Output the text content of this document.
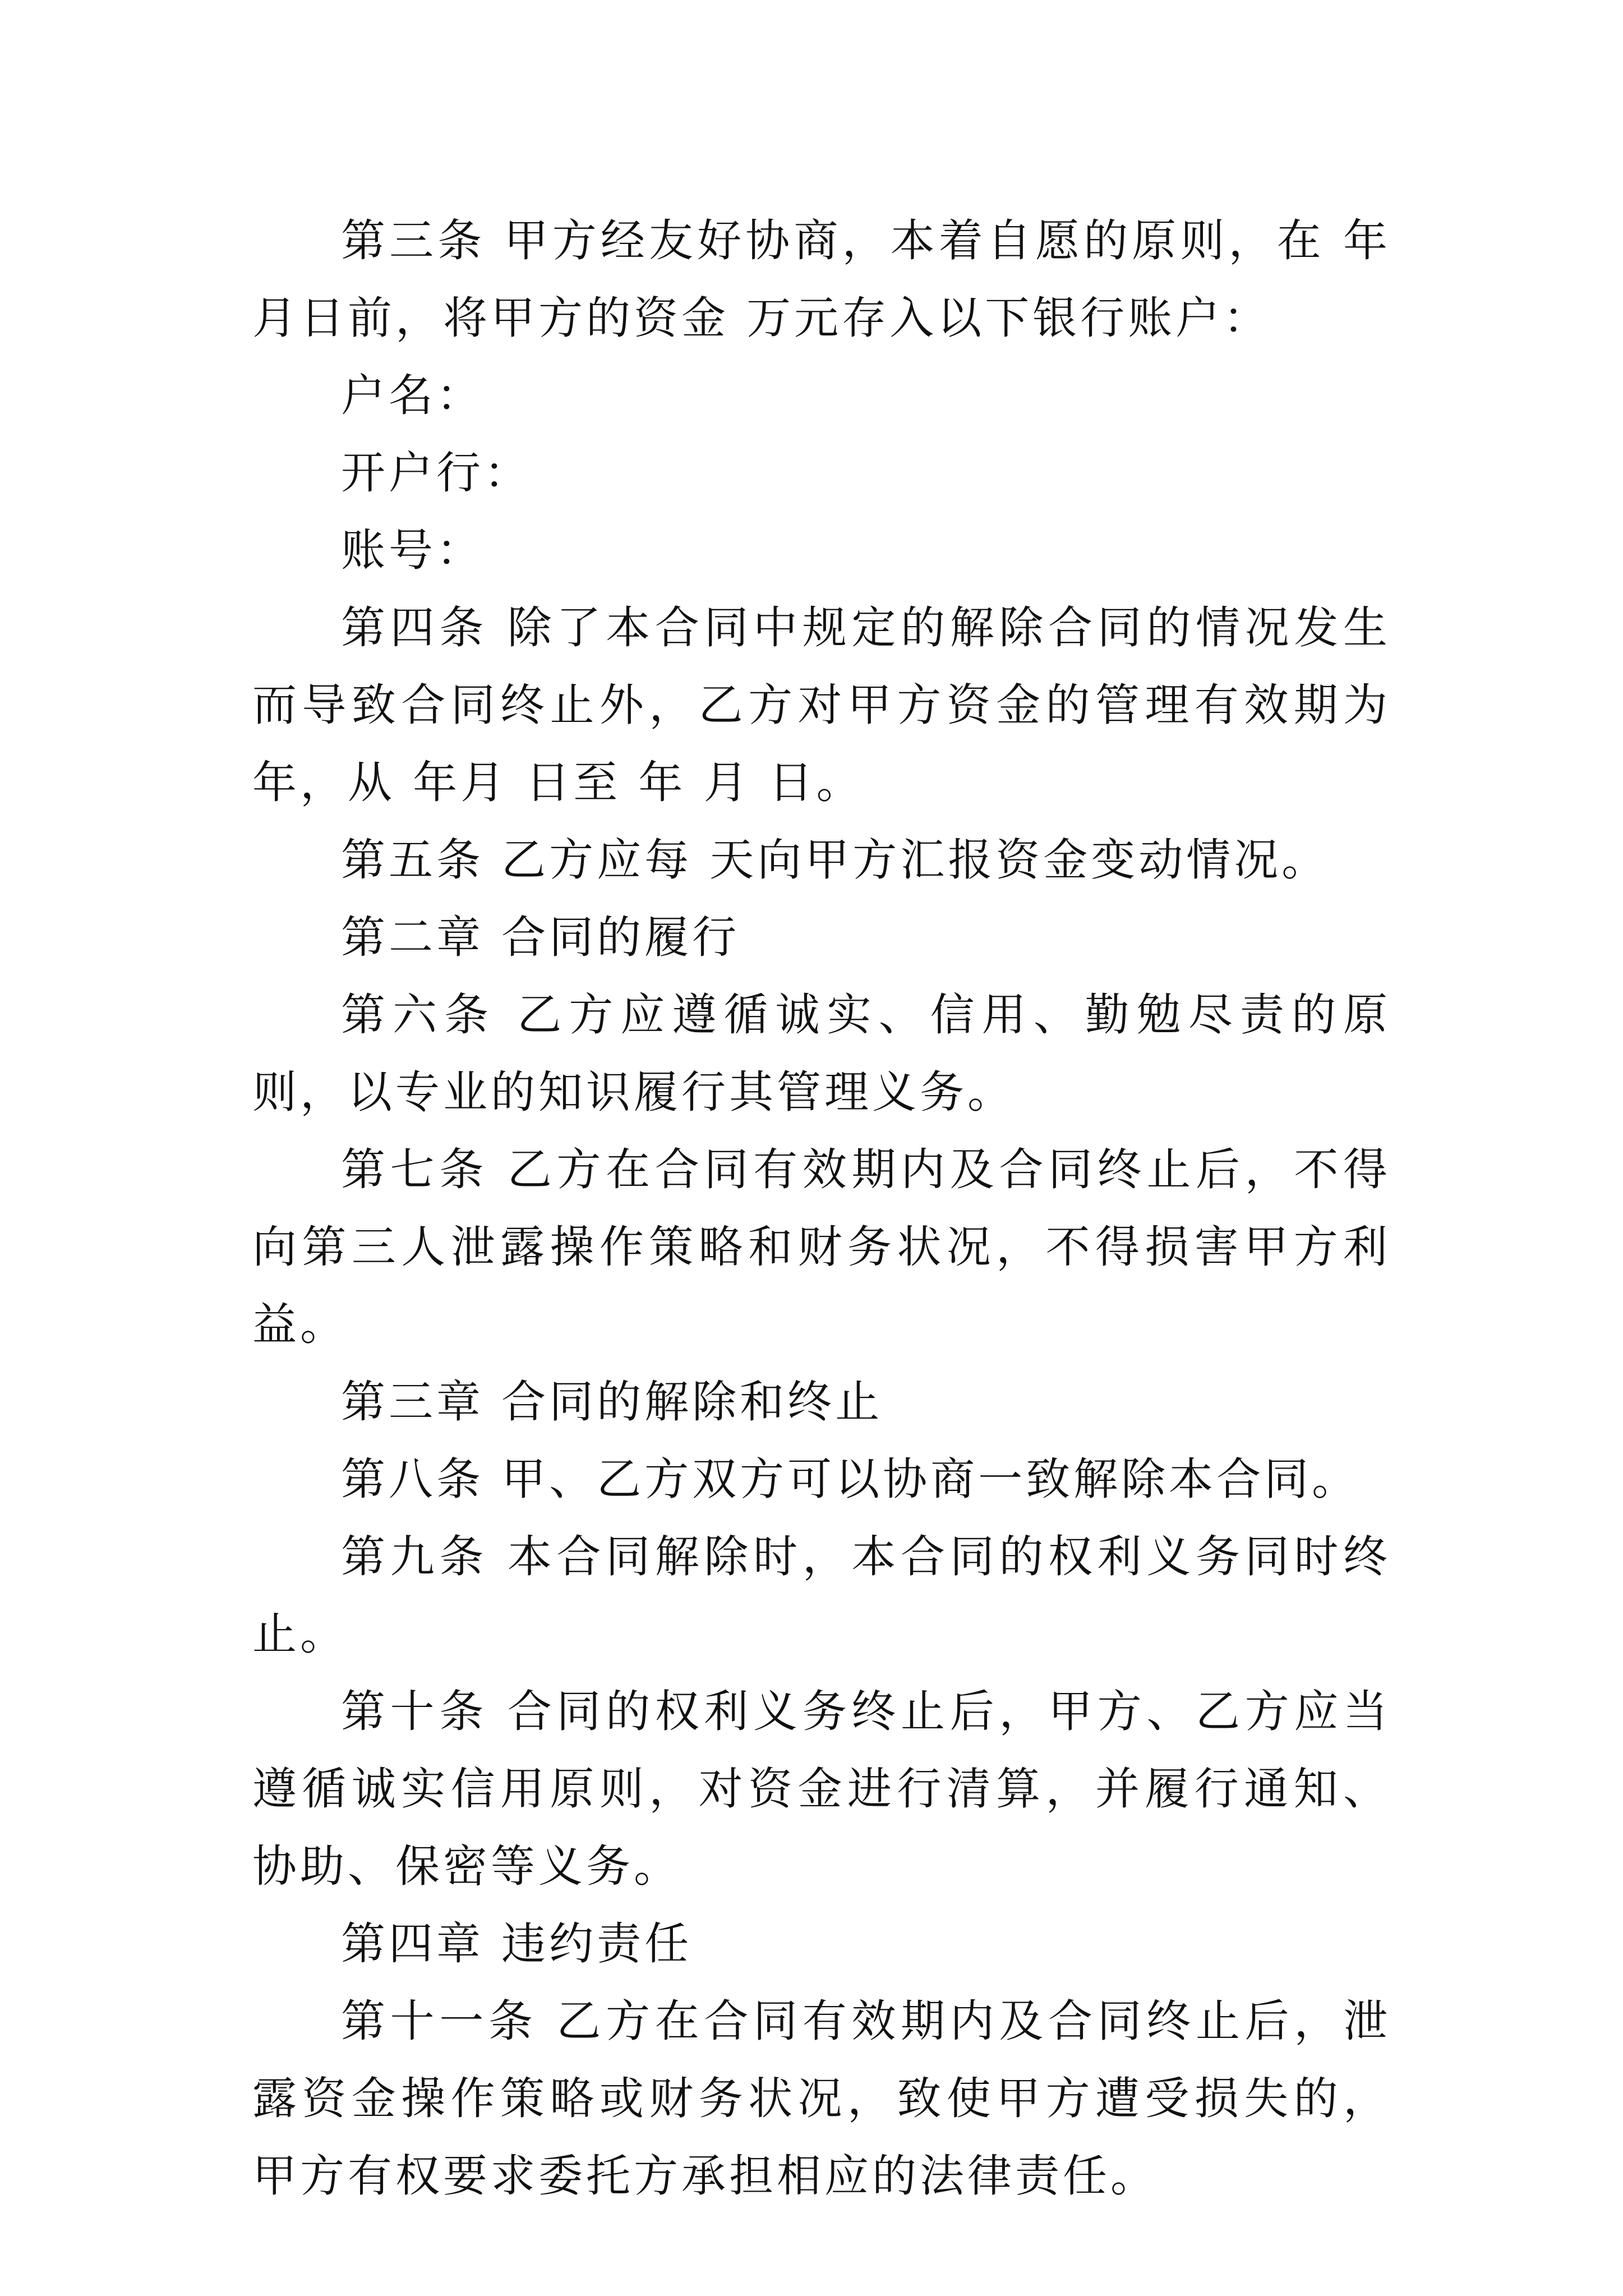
第三条 甲方经友好协商，本着自愿的原则，在 年 月日前，将甲方的资金 万元存入以下银行账户：

户名：

开户行：

账号：

第四条 除了本合同中规定的解除合同的情况发生而导致合同终止外，乙方对甲方资金的管理有效期为 年，从 年月 日至 年 月 日。

第五条 乙方应每 天向甲方汇报资金变动情况。

第二章 合同的履行

第六条 乙方应遵循诚实、信用、勤勉尽责的原则，以专业的知识履行其管理义务。

第七条 乙方在合同有效期内及合同终止后，不得向第三人泄露操作策略和财务状况，不得损害甲方利益。

第三章 合同的解除和终止

第八条 甲、乙方双方可以协商一致解除本合同。

第九条 本合同解除时，本合同的权利义务同时终止。

第十条 合同的权利义务终止后，甲方、乙方应当遵循诚实信用原则，对资金进行清算，并履行通知、协助、保密等义务。

第四章 违约责任

第十一条 乙方在合同有效期内及合同终止后，泄露资金操作策略或财务状况，致使甲方遭受损失的，甲方有权要求委托方承担相应的法律责任。
